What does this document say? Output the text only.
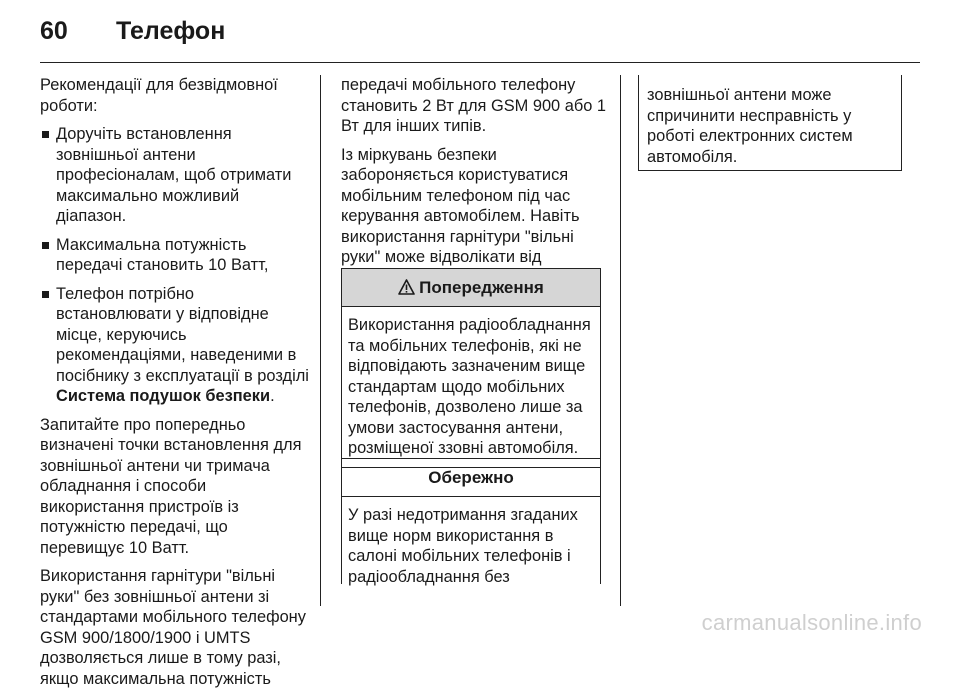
60 Телефон

Рекомендації для безвідмовної роботи:

Доручіть встановлення зовнішньої антени професіоналам, щоб отримати максимально можливий діапазон.
Максимальна потужність передачі становить 10 Ватт,
Телефон потрібно встановлювати у відповідне місце, керуючись рекомендаціями, наведеними в посібнику з експлуатації в розділі Система подушок безпеки.

Запитайте про попередньо визначені точки встановлення для зовнішньої антени чи тримача обладнання і способи використання пристроїв із потужністю передачі, що перевищує 10 Ватт.

Використання гарнітури "вільні руки" без зовнішньої антени зі стандартами мобільного телефону GSM 900/1800/1900 і UMTS дозволяється лише в тому разі, якщо максимальна потужність

передачі мобільного телефону становить 2 Вт для GSM 900 або 1 Вт для інших типів.

Із міркувань безпеки забороняється користуватися мобільним телефоном під час керування автомобілем. Навіть використання гарнітури "вільні руки" може відволікати від

Попередження
Використання радіообладнання та мобільних телефонів, які не відповідають зазначеним вище стандартам щодо мобільних телефонів, дозволено лише за умови застосування антени, розміщеної ззовні автомобіля.
Обережно
У разі недотримання згаданих вище норм використання в салоні мобільних телефонів і радіообладнання без
зовнішньої антени може спричинити несправність у роботі електронних систем автомобіля.
carmanualsonline.info
